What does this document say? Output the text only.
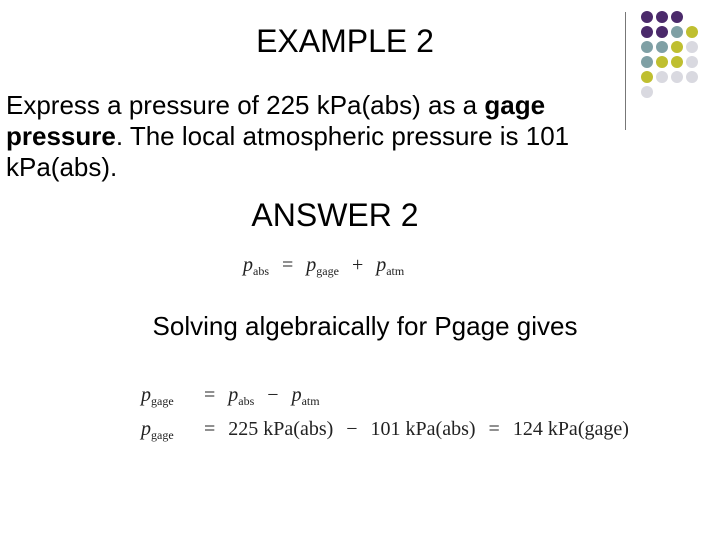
EXAMPLE 2
Express a pressure of 225 kPa(abs) as a gage pressure. The local atmospheric pressure is 101 kPa(abs).
ANSWER 2
$p_{abs} = p_{gage} + p_{atm}$
Solving algebraically for Pgage gives
$p_{gage} = p_{abs} - p_{atm}$
$p_{gage} = 225$ kPa(abs) − 101 kPa(abs) = 124 kPa(gage)
